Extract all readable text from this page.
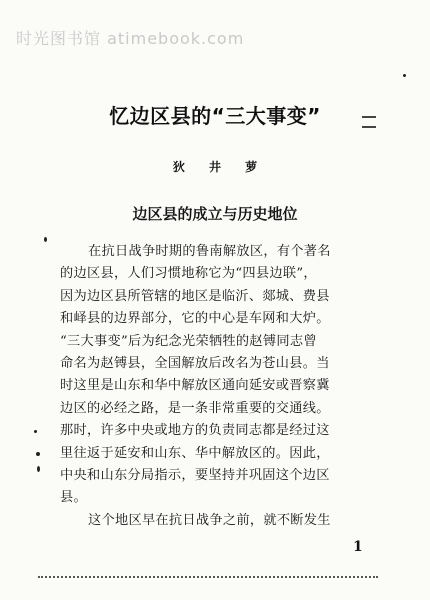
时光图书馆 atimebook.com
忆边区县的“三大事变”
狄 井 萝
边区县的成立与历史地位

在抗日战争时期的鲁南解放区，有个著名
的边区县，人们习惯地称它为“四县边联”，
因为边区县所管辖的地区是临沂、郯城、费县
和峄县的边界部分，它的中心是车网和大炉。
“三大事变”后为纪念光荣牺牲的赵镈同志曾
命名为赵镈县，全国解放后改名为苍山县。当
时这里是山东和华中解放区通向延安或晋察冀
边区的必经之路，是一条非常重要的交通线。
那时，许多中央或地方的负责同志都是经过这
里往返于延安和山东、华中解放区的。因此，
中央和山东分局指示，要坚持并巩固这个边区
县。

这个地区早在抗日战争之前，就不断发生

1
